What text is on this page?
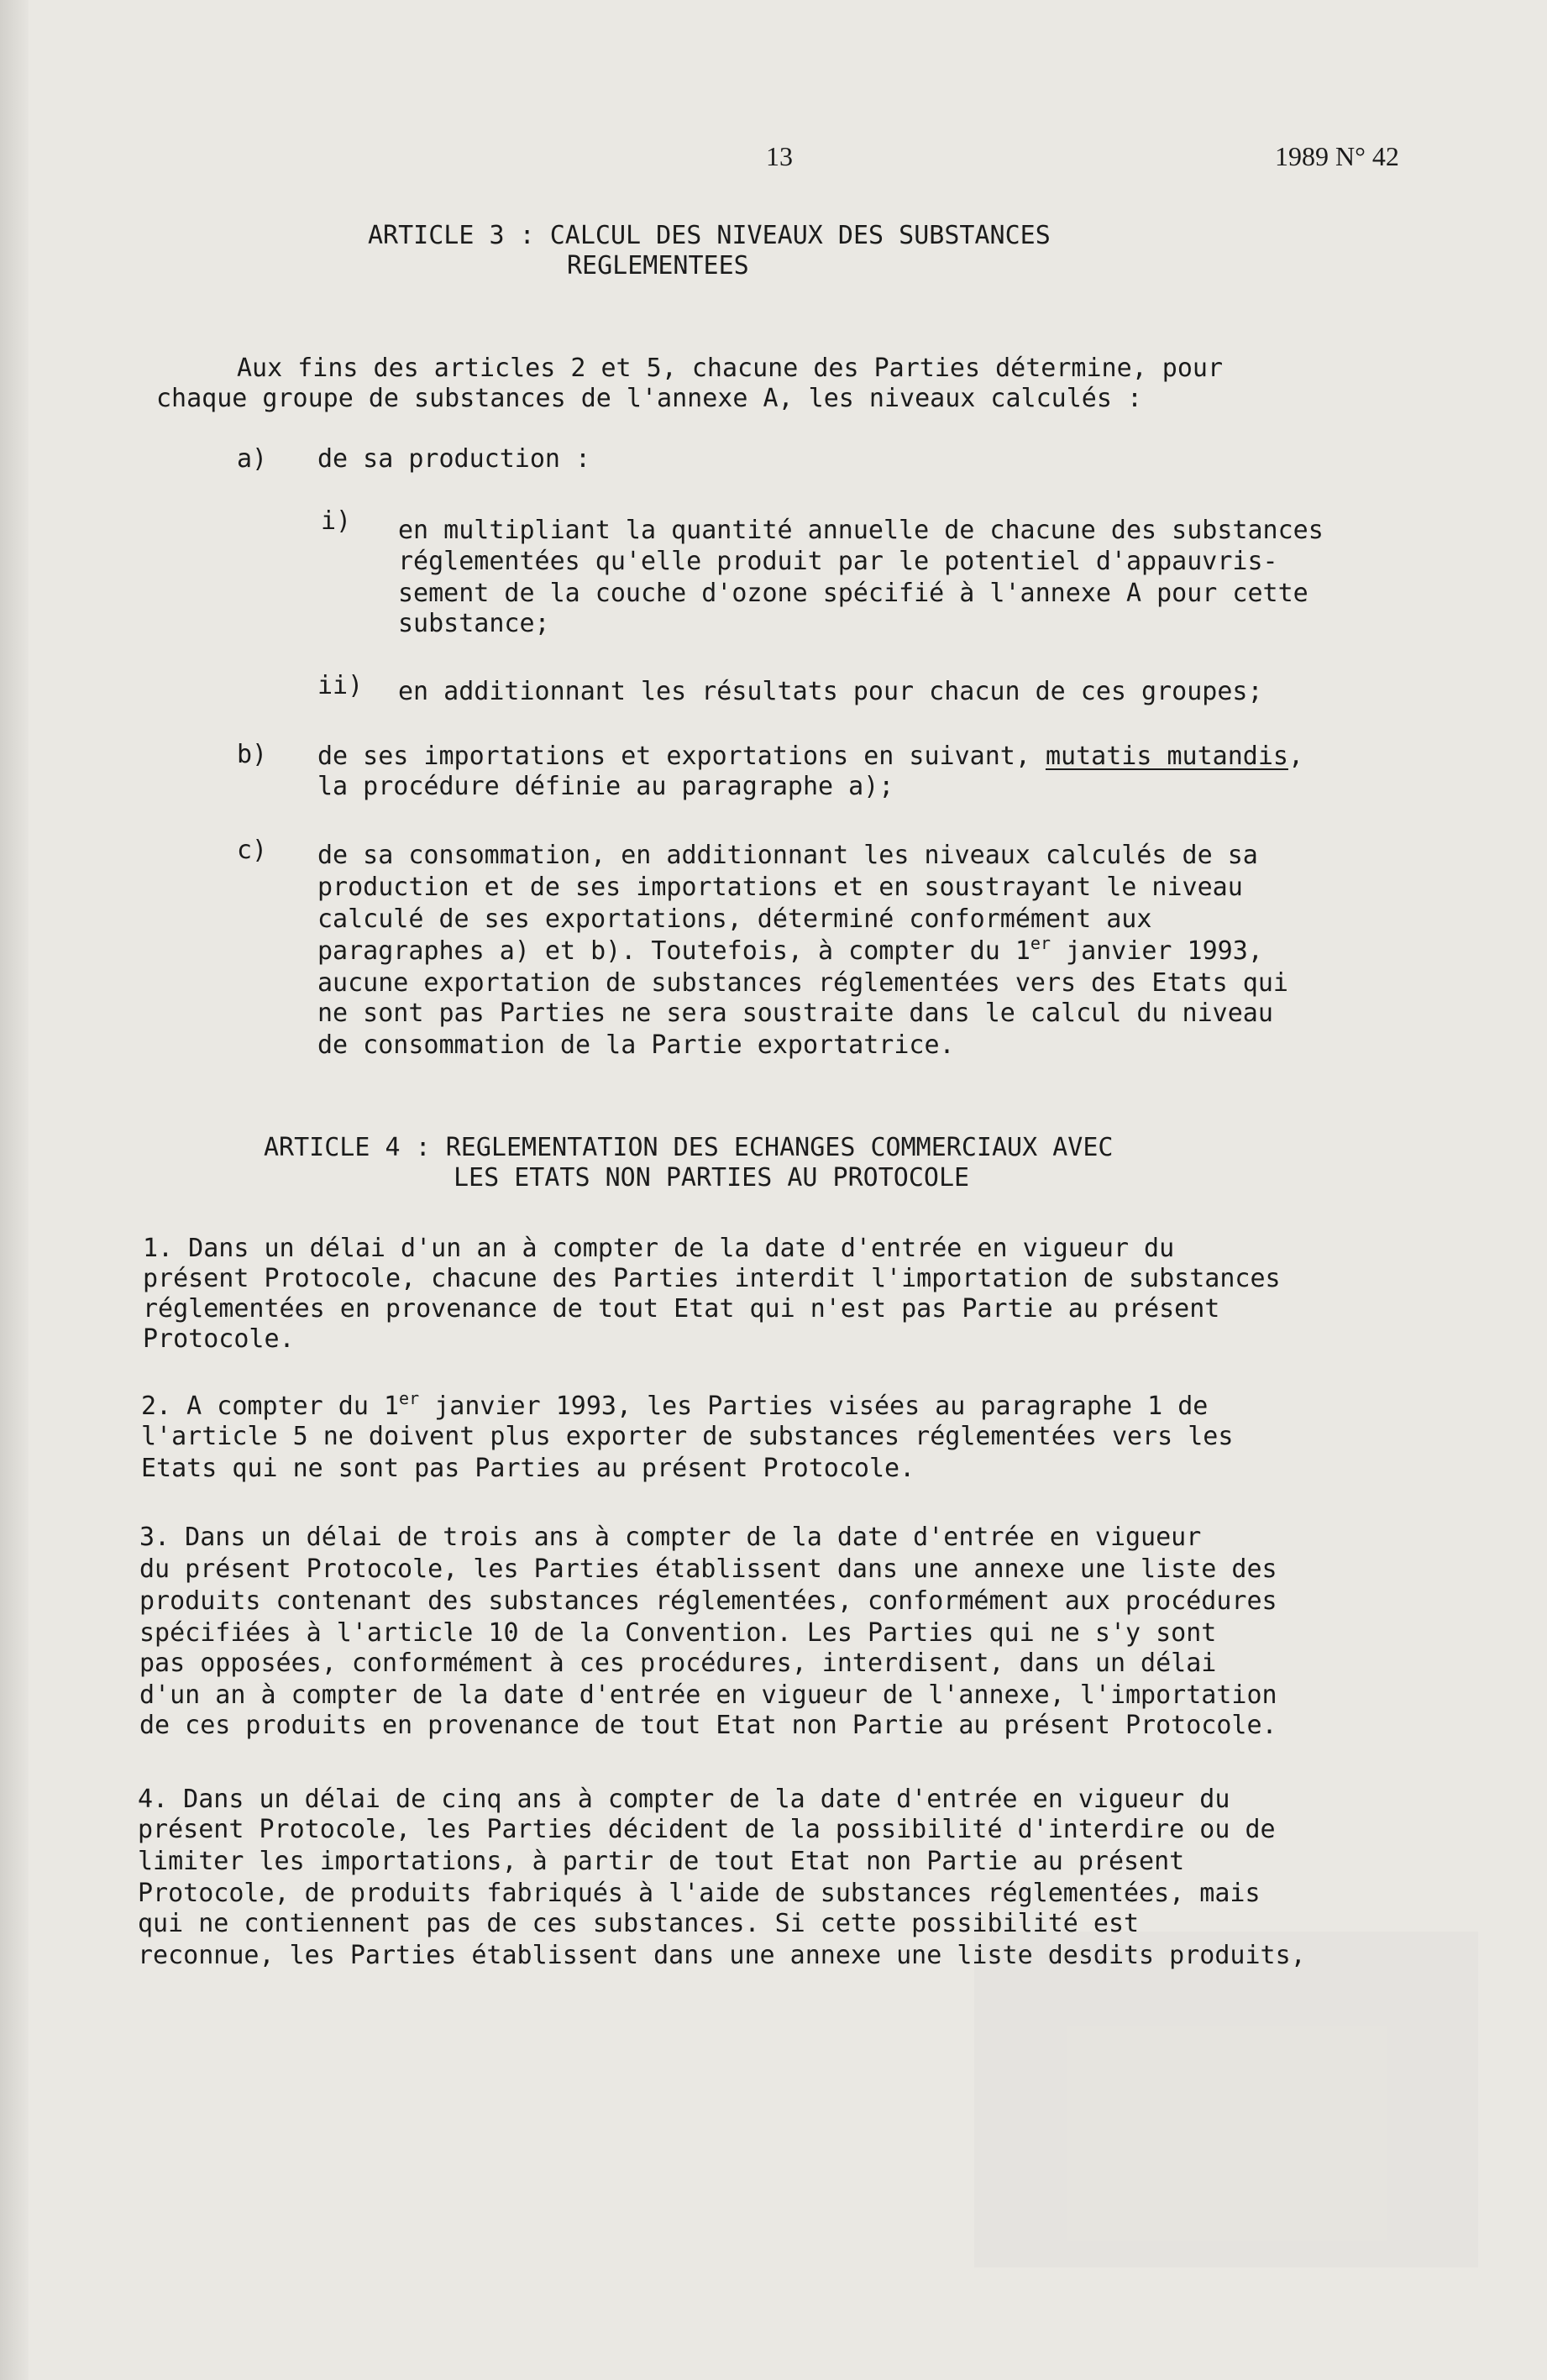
13	1989 N° 42

ARTICLE 3 : CALCUL DES NIVEAUX DES SUBSTANCES

REGLEMENTEES

Aux fins des articles 2 et 5, chacune des Parties détermine, pour

chaque groupe de substances de l'annexe A, les niveaux calculés :

a) de sa production :

i) en multipliant la quantité annuelle de chacune des substances

réglementées qu'elle produit par le potentiel d'appauvris-

sement de la couche d'ozone spécifié à l'annexe A pour cette

substance;

ii) en additionnant les résultats pour chacun de ces groupes;

b) de ses importations et exportations en suivant, mutatis mutandis,

la procédure définie au paragraphe a);

c) de sa consommation, en additionnant les niveaux calculés de sa

production et de ses importations et en soustrayant le niveau

calculé de ses exportations, déterminé conformément aux

paragraphes a) et b). Toutefois, à compter du 1er janvier 1993,

aucune exportation de substances réglementées vers des Etats qui

ne sont pas Parties ne sera soustraite dans le calcul du niveau

de consommation de la Partie exportatrice.

ARTICLE 4 : REGLEMENTATION DES ECHANGES COMMERCIAUX AVEC

LES ETATS NON PARTIES AU PROTOCOLE

1. Dans un délai d'un an à compter de la date d'entrée en vigueur du

présent Protocole, chacune des Parties interdit l'importation de substances

réglementées en provenance de tout Etat qui n'est pas Partie au présent

Protocole.

2. A compter du 1er janvier 1993, les Parties visées au paragraphe 1 de

l'article 5 ne doivent plus exporter de substances réglementées vers les

Etats qui ne sont pas Parties au présent Protocole.

3. Dans un délai de trois ans à compter de la date d'entrée en vigueur

du présent Protocole, les Parties établissent dans une annexe une liste des

produits contenant des substances réglementées, conformément aux procédures

spécifiées à l'article 10 de la Convention. Les Parties qui ne s'y sont

pas opposées, conformément à ces procédures, interdisent, dans un délai

d'un an à compter de la date d'entrée en vigueur de l'annexe, l'importation

de ces produits en provenance de tout Etat non Partie au présent Protocole.

4. Dans un délai de cinq ans à compter de la date d'entrée en vigueur du

présent Protocole, les Parties décident de la possibilité d'interdire ou de

limiter les importations, à partir de tout Etat non Partie au présent

Protocole, de produits fabriqués à l'aide de substances réglementées, mais

qui ne contiennent pas de ces substances. Si cette possibilité est

reconnue, les Parties établissent dans une annexe une liste desdits produits,
